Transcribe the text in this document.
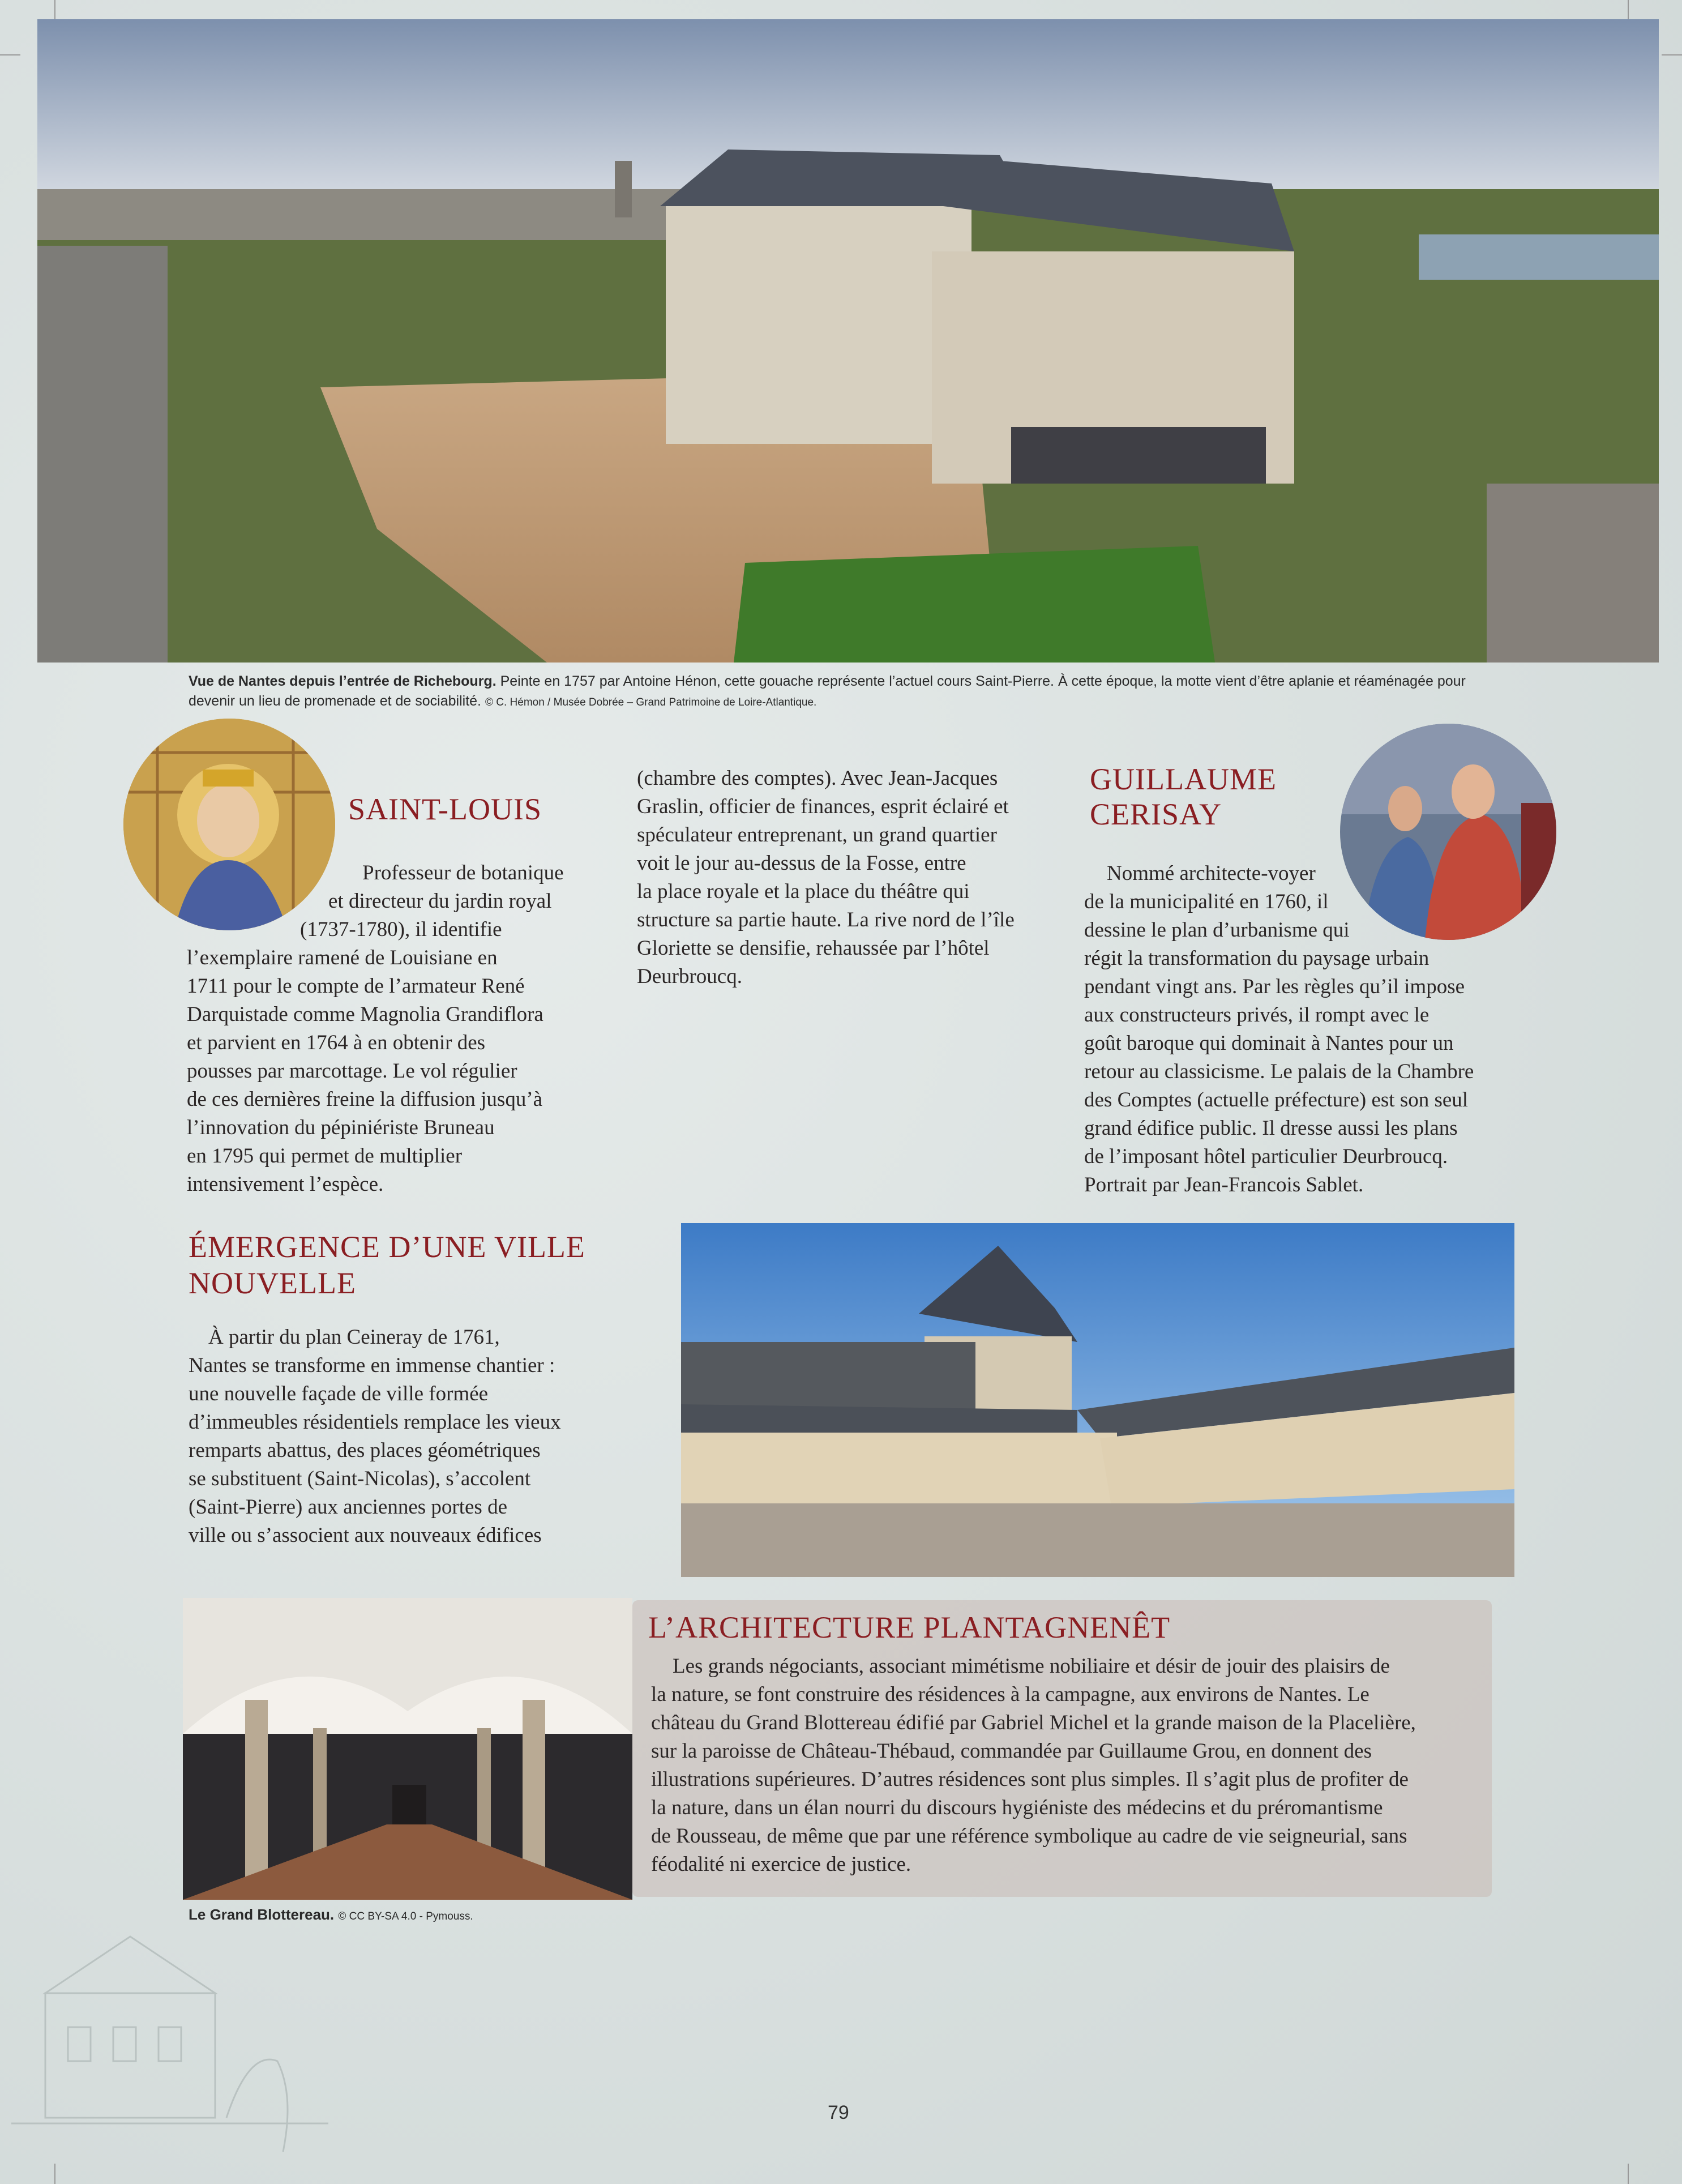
Vue de Nantes depuis l’entrée de Richebourg. Peinte en 1757 par Antoine Hénon, cette gouache représente l’actuel cours Saint-Pierre. À cette époque, la motte vient d’être aplanie et réaménagée pour devenir un lieu de promenade et de sociabilité. © C. Hémon / Musée Dobrée – Grand Patrimoine de Loire-Atlantique.
SAINT-LOUIS

Professeur de botanique

et directeur du jardin royal

(1737-1780), il identifie

l’exemplaire ramené de Louisiane en

1711 pour le compte de l’armateur René

Darquistade comme Magnolia Grandiflora

et parvient en 1764 à en obtenir des

pousses par marcottage. Le vol régulier

de ces dernières freine la diffusion jusqu’à

l’innovation du pépiniériste Bruneau

en 1795 qui permet de multiplier

intensivement l’espèce.

(chambre des comptes). Avec Jean-Jacques

Graslin, officier de finances, esprit éclairé et

spéculateur entreprenant, un grand quartier

voit le jour au-dessus de la Fosse, entre

la place royale et la place du théâtre qui

structure sa partie haute. La rive nord de l’île

Gloriette se densifie, rehaussée par l’hôtel

Deurbroucq.

GUILLAUME
CERISAY

Nommé architecte-voyer

de la municipalité en 1760, il

dessine le plan d’urbanisme qui

régit la transformation du paysage urbain

pendant vingt ans. Par les règles qu’il impose

aux constructeurs privés, il rompt avec le

goût baroque qui dominait à Nantes pour un

retour au classicisme. Le palais de la Chambre

des Comptes (actuelle préfecture) est son seul

grand édifice public. Il dresse aussi les plans

de l’imposant hôtel particulier Deurbroucq.

Portrait par Jean-Francois Sablet.

ÉMERGENCE D’UNE VILLE
NOUVELLE

À partir du plan Ceineray de 1761,

Nantes se transforme en immense chantier :

une nouvelle façade de ville formée

d’immeubles résidentiels remplace les vieux

remparts abattus, des places géométriques

se substituent (Saint-Nicolas), s’accolent

(Saint-Pierre) aux anciennes portes de

ville ou s’associent aux nouveaux édifices

Le Grand Blottereau. © CC BY-SA 4.0 - Pymouss.
L’ARCHITECTURE PLANTAGNENÊT

Les grands négociants, associant mimétisme nobiliaire et désir de jouir des plaisirs de

la nature, se font construire des résidences à la campagne, aux environs de Nantes. Le

château du Grand Blottereau édifié par Gabriel Michel et la grande maison de la Placelière,

sur la paroisse de Château-Thébaud, commandée par Guillaume Grou, en donnent des

illustrations supérieures. D’autres résidences sont plus simples. Il s’agit plus de profiter de

la nature, dans un élan nourri du discours hygiéniste des médecins et du préromantisme

de Rousseau, de même que par une référence symbolique au cadre de vie seigneurial, sans

féodalité ni exercice de justice.

79
